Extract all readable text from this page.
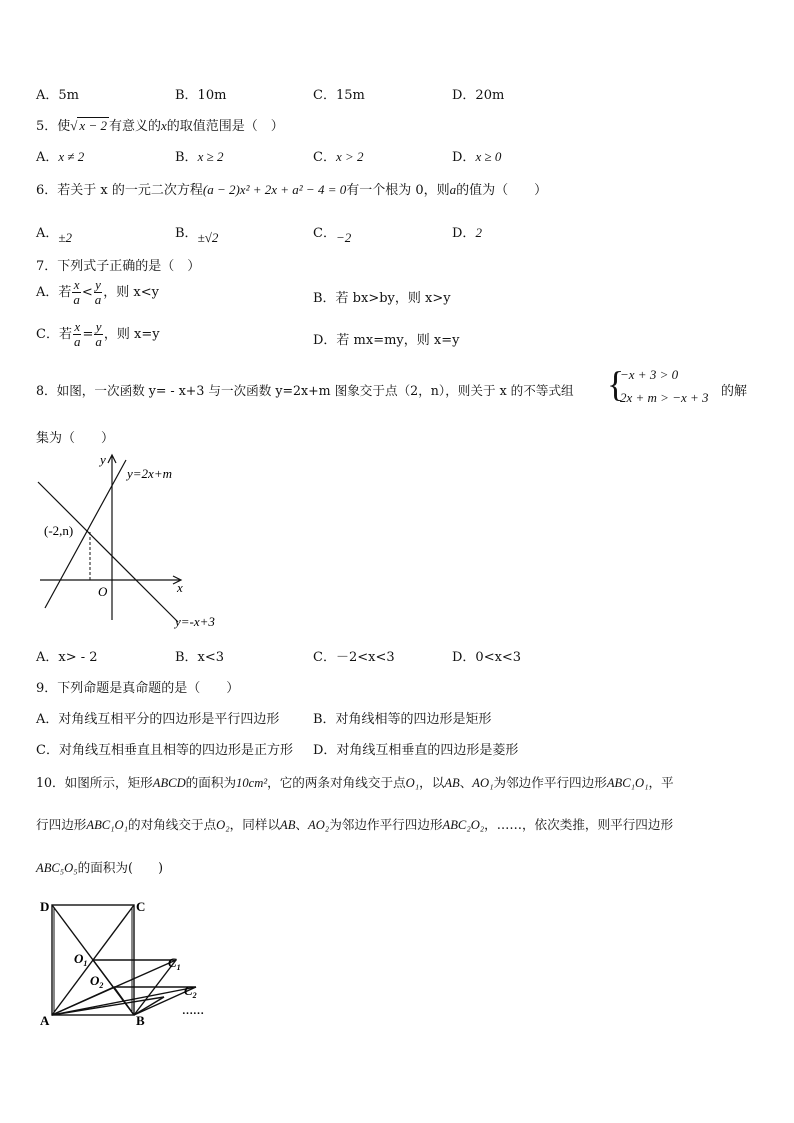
A．5m	B．10m	C．15m	D．20m
5．使√ x − 2 有意义的x的取值范围是（　）
A．x ≠ 2	B．x ≥ 2	C．x > 2	D．x ≥ 0
6．若关于 x 的一元二次方程(a − 2)x² + 2x + a² − 4 = 0有一个根为 0，则a的值为（　　）
A．±2	B．±√2	C．−2	D．2
7．下列式子正确的是（　）
A．若 $\frac{x}{a} < \frac{y}{a}$ ，则 x<y	B．若 bx>by，则 x>y
C．若 $\frac{x}{a} = \frac{y}{a}$ ，则 x=y	D．若 mx=my，则 x=y
8．如图，一次函数 y= - x+3 与一次函数 y=2x+m 图象交于点（2，n），则关于 x 的不等式组 {
−x + 3 > 0
2x + m > −x + 3 的解
集为（　　）
y
x
O
y=2x+m
y=-x+3
(-2,n)
A．x> - 2	B．x<3	C．－2<x<3	D．0<x<3
9．下列命题是真命题的是（　　）
A．对角线互相平分的四边形是平行四边形	B．对角线相等的四边形是矩形
C．对角线互相垂直且相等的四边形是正方形 D．对角线互相垂直的四边形是菱形
10．如图所示，矩形ABCD的面积为10cm²，它的两条对角线交于点O₁，以AB、AO₁为邻边作平行四边形ABC₁O₁，平
行四边形ABC₁O₁的对角线交于点O₂，同样以AB、AO₂为邻边作平行四边形ABC₂O₂，……，依次类推，则平行四边形
ABC₅O₅的面积为(　　)
D	C
A	B
$O_1$
$O_2$
$C_1$
$C_2$
……
